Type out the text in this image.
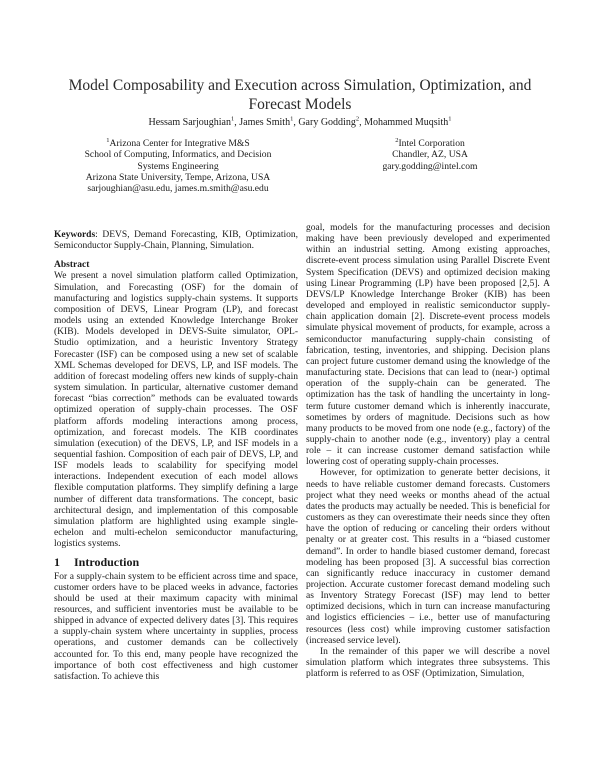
Model Composability and Execution across Simulation, Optimization, and Forecast Models
Hessam Sarjoughian$^1$, James Smith$^1$, Gary Godding$^2$, Mohammed Muqsith$^1$
$^1$Arizona Center for Integrative M&S
School of Computing, Informatics, and Decision
Systems Engineering
Arizona State University, Tempe, Arizona, USA
sarjoughian@asu.edu, james.m.smith@asu.edu
$^2$Intel Corporation
Chandler, AZ, USA
gary.godding@intel.com

Keywords: DEVS, Demand Forecasting, KIB, Optimization, Semiconductor Supply-Chain, Planning, Simulation.

Abstract

We present a novel simulation platform called Optimization, Simulation, and Forecasting (OSF) for the domain of manufacturing and logistics supply-chain systems. It supports composition of DEVS, Linear Program (LP), and forecast models using an extended Knowledge Interchange Broker (KIB). Models developed in DEVS-Suite simulator, OPL-Studio optimization, and a heuristic Inventory Strategy Forecaster (ISF) can be composed using a new set of scalable XML Schemas developed for DEVS, LP, and ISF models. The addition of forecast modeling offers new kinds of supply-chain system simulation. In particular, alternative customer demand forecast “bias correction” methods can be evaluated towards optimized operation of supply-chain processes. The OSF platform affords modeling interactions among process, optimization, and forecast models. The KIB coordinates simulation (execution) of the DEVS, LP, and ISF models in a sequential fashion. Composition of each pair of DEVS, LP, and ISF models leads to scalability for specifying model interactions. Independent execution of each model allows flexible computation platforms. They simplify defining a large number of different data transformations. The concept, basic architectural design, and implementation of this composable simulation platform are highlighted using example single-echelon and multi-echelon semiconductor manufacturing, logistics systems.

1 Introduction

For a supply-chain system to be efficient across time and space, customer orders have to be placed weeks in advance, factories should be used at their maximum capacity with minimal resources, and sufficient inventories must be available to be shipped in advance of expected delivery dates [3]. This requires a supply-chain system where uncertainty in supplies, process operations, and customer demands can be collectively accounted for. To this end, many people have recognized the importance of both cost effectiveness and high customer satisfaction. To achieve this

goal, models for the manufacturing processes and decision making have been previously developed and experimented within an industrial setting. Among existing approaches, discrete-event process simulation using Parallel Discrete Event System Specification (DEVS) and optimized decision making using Linear Programming (LP) have been proposed [2,5]. A DEVS/LP Knowledge Interchange Broker (KIB) has been developed and employed in realistic semiconductor supply-chain application domain [2]. Discrete-event process models simulate physical movement of products, for example, across a semiconductor manufacturing supply-chain consisting of fabrication, testing, inventories, and shipping. Decision plans can project future customer demand using the knowledge of the manufacturing state. Decisions that can lead to (near-) optimal operation of the supply-chain can be generated. The optimization has the task of handling the uncertainty in long-term future customer demand which is inherently inaccurate, sometimes by orders of magnitude. Decisions such as how many products to be moved from one node (e.g., factory) of the supply-chain to another node (e.g., inventory) play a central role – it can increase customer demand satisfaction while lowering cost of operating supply-chain processes.

However, for optimization to generate better decisions, it needs to have reliable customer demand forecasts. Customers project what they need weeks or months ahead of the actual dates the products may actually be needed. This is beneficial for customers as they can overestimate their needs since they often have the option of reducing or canceling their orders without penalty or at greater cost. This results in a “biased customer demand”. In order to handle biased customer demand, forecast modeling has been proposed [3]. A successful bias correction can significantly reduce inaccuracy in customer demand projection. Accurate customer forecast demand modeling such as Inventory Strategy Forecast (ISF) may lend to better optimized decisions, which in turn can increase manufacturing and logistics efficiencies – i.e., better use of manufacturing resources (less cost) while improving customer satisfaction (increased service level).

In the remainder of this paper we will describe a novel simulation platform which integrates three subsystems. This platform is referred to as OSF (Optimization, Simulation,
